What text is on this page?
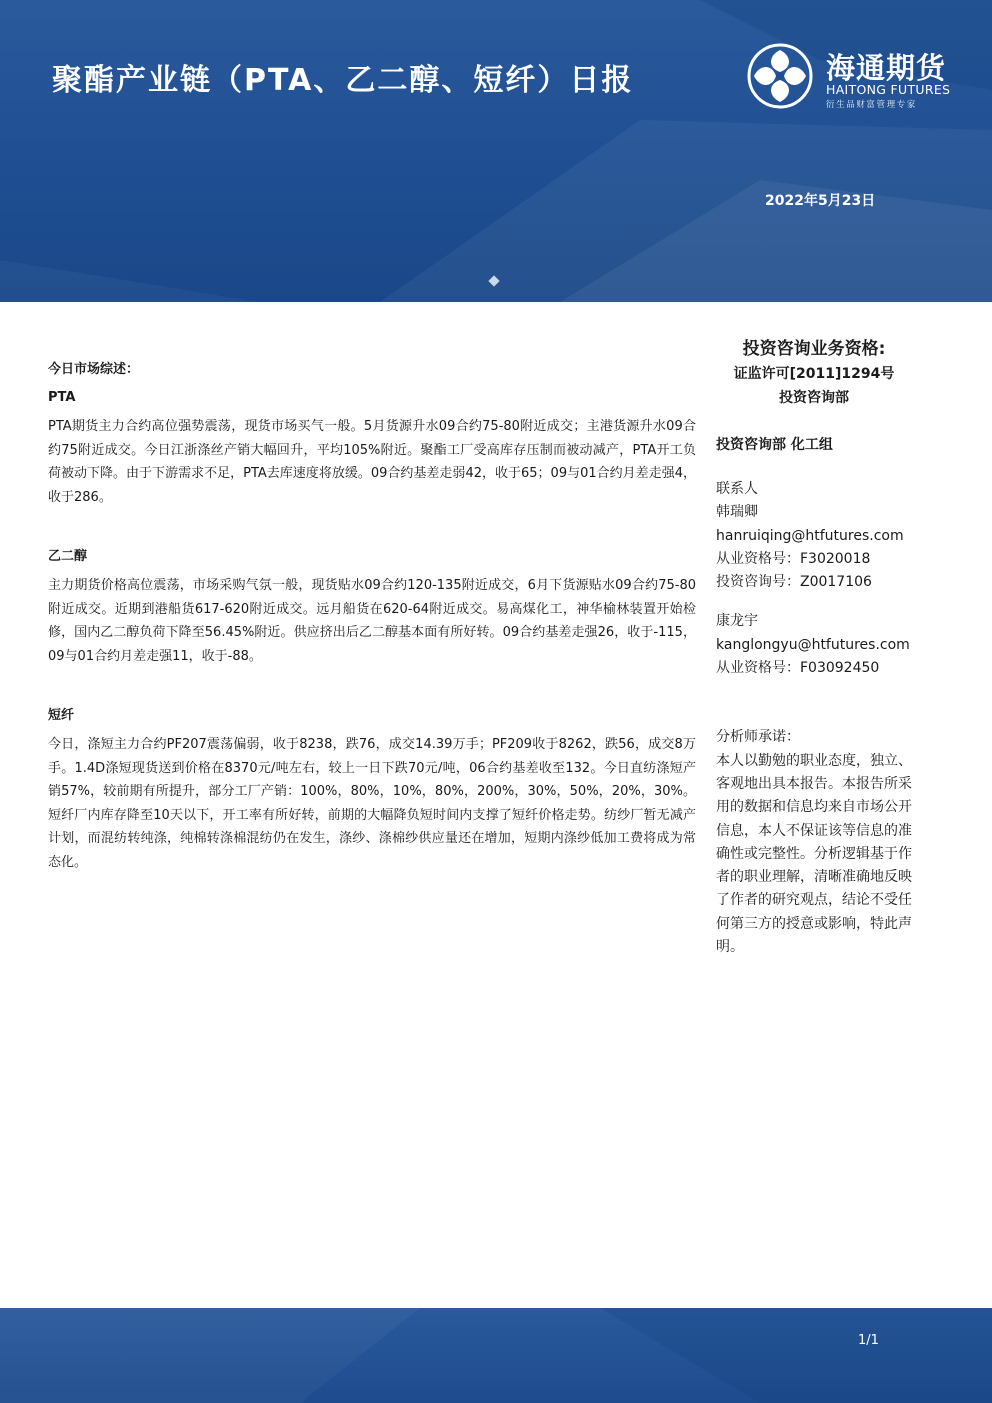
聚酯产业链（PTA、乙二醇、短纤）日报	海通期货
HAITONG FUTURES
衍生品财富管理专家
2022年5月23日
今日市场综述：
PTA
PTA期货主力合约高位强势震荡，现货市场买气一般。5月货源升水09合约75-80附近成交；主港货源升水09合约75附近成交。今日江浙涤丝产销大幅回升，平均105%附近。聚酯工厂受高库存压制而被动减产，PTA开工负荷被动下降。由于下游需求不足，PTA去库速度将放缓。09合约基差走弱42，收于65；09与01合约月差走强4，收于286。
乙二醇
主力期货价格高位震荡，市场采购气氛一般，现货贴水09合约120-135附近成交，6月下货源贴水09合约75-80附近成交。近期到港船货617-620附近成交。远月船货在620-64附近成交。易高煤化工，神华榆林装置开始检修，国内乙二醇负荷下降至56.45%附近。供应挤出后乙二醇基本面有所好转。09合约基差走强26，收于-115，09与01合约月差走强11，收于-88。
短纤
今日，涤短主力合约PF207震荡偏弱，收于8238，跌76，成交14.39万手；PF209收于8262，跌56，成交8万手。1.4D涤短现货送到价格在8370元/吨左右，较上一日下跌70元/吨，06合约基差收至132。今日直纺涤短产销57%，较前期有所提升，部分工厂产销：100%，80%，10%，80%，200%，30%，50%，20%，30%。短纤厂内库存降至10天以下，开工率有所好转，前期的大幅降负短时间内支撑了短纤价格走势。纺纱厂暂无减产计划，而混纺转纯涤，纯棉转涤棉混纺仍在发生，涤纱、涤棉纱供应量还在增加，短期内涤纱低加工费将成为常态化。
投资咨询业务资格:
证监许可[2011]1294号
投资咨询部
投资咨询部 化工组
联系人
韩瑞卿
hanruiqing@htfutures.com
从业资格号：F3020018
投资咨询号：Z0017106
康龙宇
kanglongyu@htfutures.com
从业资格号：F03092450
分析师承诺：
本人以勤勉的职业态度，独立、客观地出具本报告。本报告所采用的数据和信息均来自市场公开信息，本人不保证该等信息的准确性或完整性。分析逻辑基于作者的职业理解，清晰准确地反映了作者的研究观点，结论不受任何第三方的授意或影响，特此声明。
1/1
